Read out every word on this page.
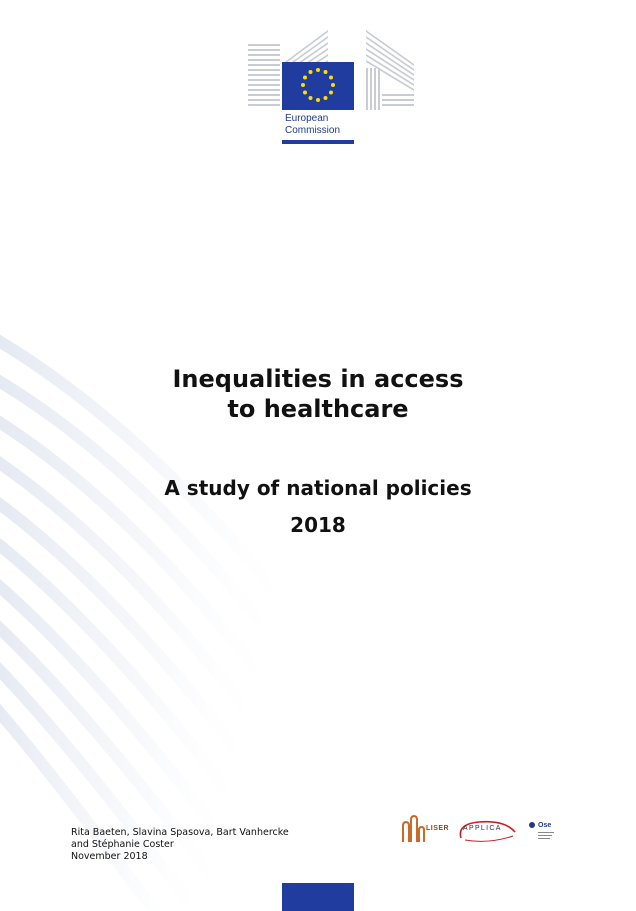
European
Commission
Inequalities in access
to healthcare
A study of national policies
2018
Rita Baeten, Slavina Spasova, Bart Vanhercke
and Stéphanie Coster
November 2018
LISER APPLICA	Ose
